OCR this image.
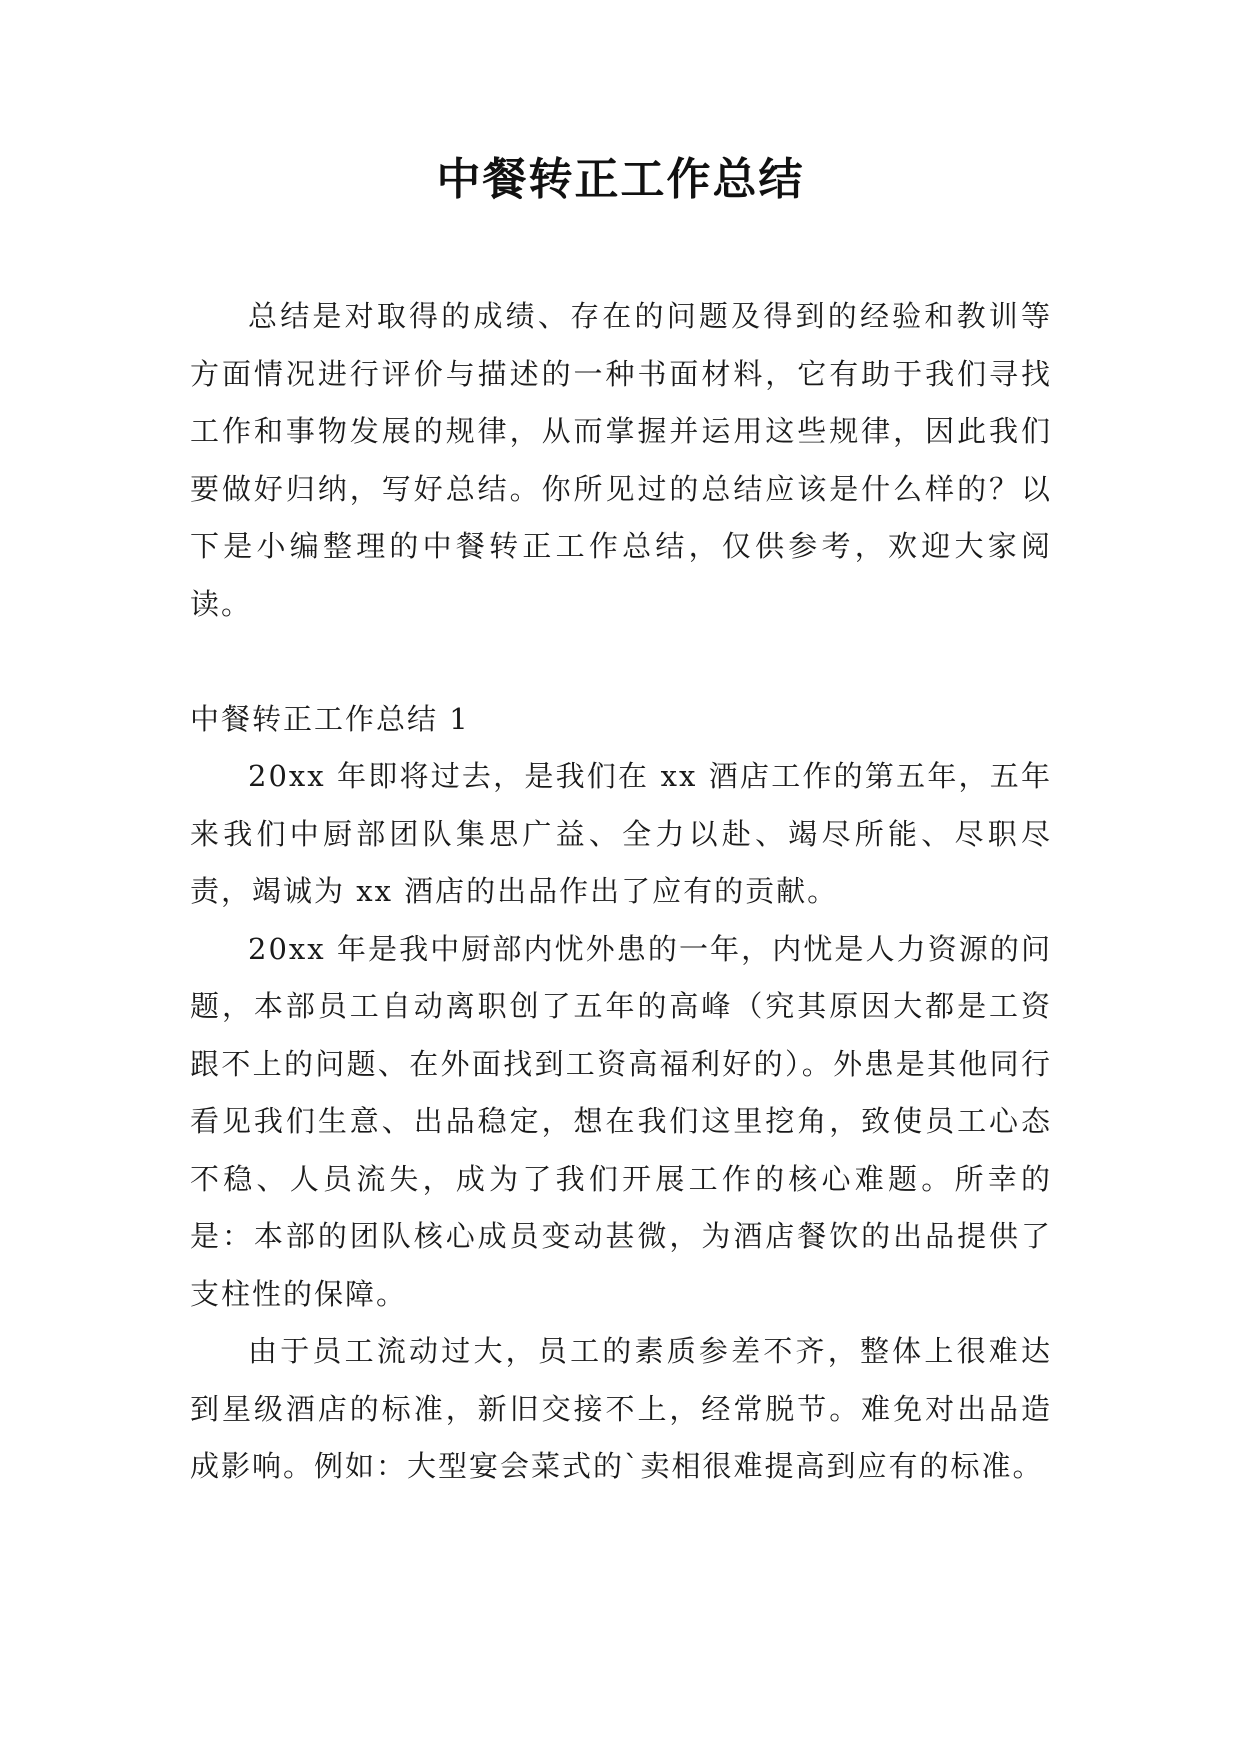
中餐转正工作总结

总结是对取得的成绩、存在的问题及得到的经验和教训等方面情况进行评价与描述的一种书面材料，它有助于我们寻找工作和事物发展的规律，从而掌握并运用这些规律，因此我们要做好归纳，写好总结。你所见过的总结应该是什么样的？以下是小编整理的中餐转正工作总结，仅供参考，欢迎大家阅读。

中餐转正工作总结 1

20xx 年即将过去，是我们在 xx 酒店工作的第五年，五年来我们中厨部团队集思广益、全力以赴、竭尽所能、尽职尽责，竭诚为 xx 酒店的出品作出了应有的贡献。

20xx 年是我中厨部内忧外患的一年，内忧是人力资源的问题，本部员工自动离职创了五年的高峰（究其原因大都是工资跟不上的问题、在外面找到工资高福利好的）。外患是其他同行看见我们生意、出品稳定，想在我们这里挖角，致使员工心态不稳、人员流失，成为了我们开展工作的核心难题。所幸的是：本部的团队核心成员变动甚微，为酒店餐饮的出品提供了支柱性的保障。

由于员工流动过大，员工的素质参差不齐，整体上很难达到星级酒店的标准，新旧交接不上，经常脱节。难免对出品造成影响。例如：大型宴会菜式的`卖相很难提高到应有的标准。
